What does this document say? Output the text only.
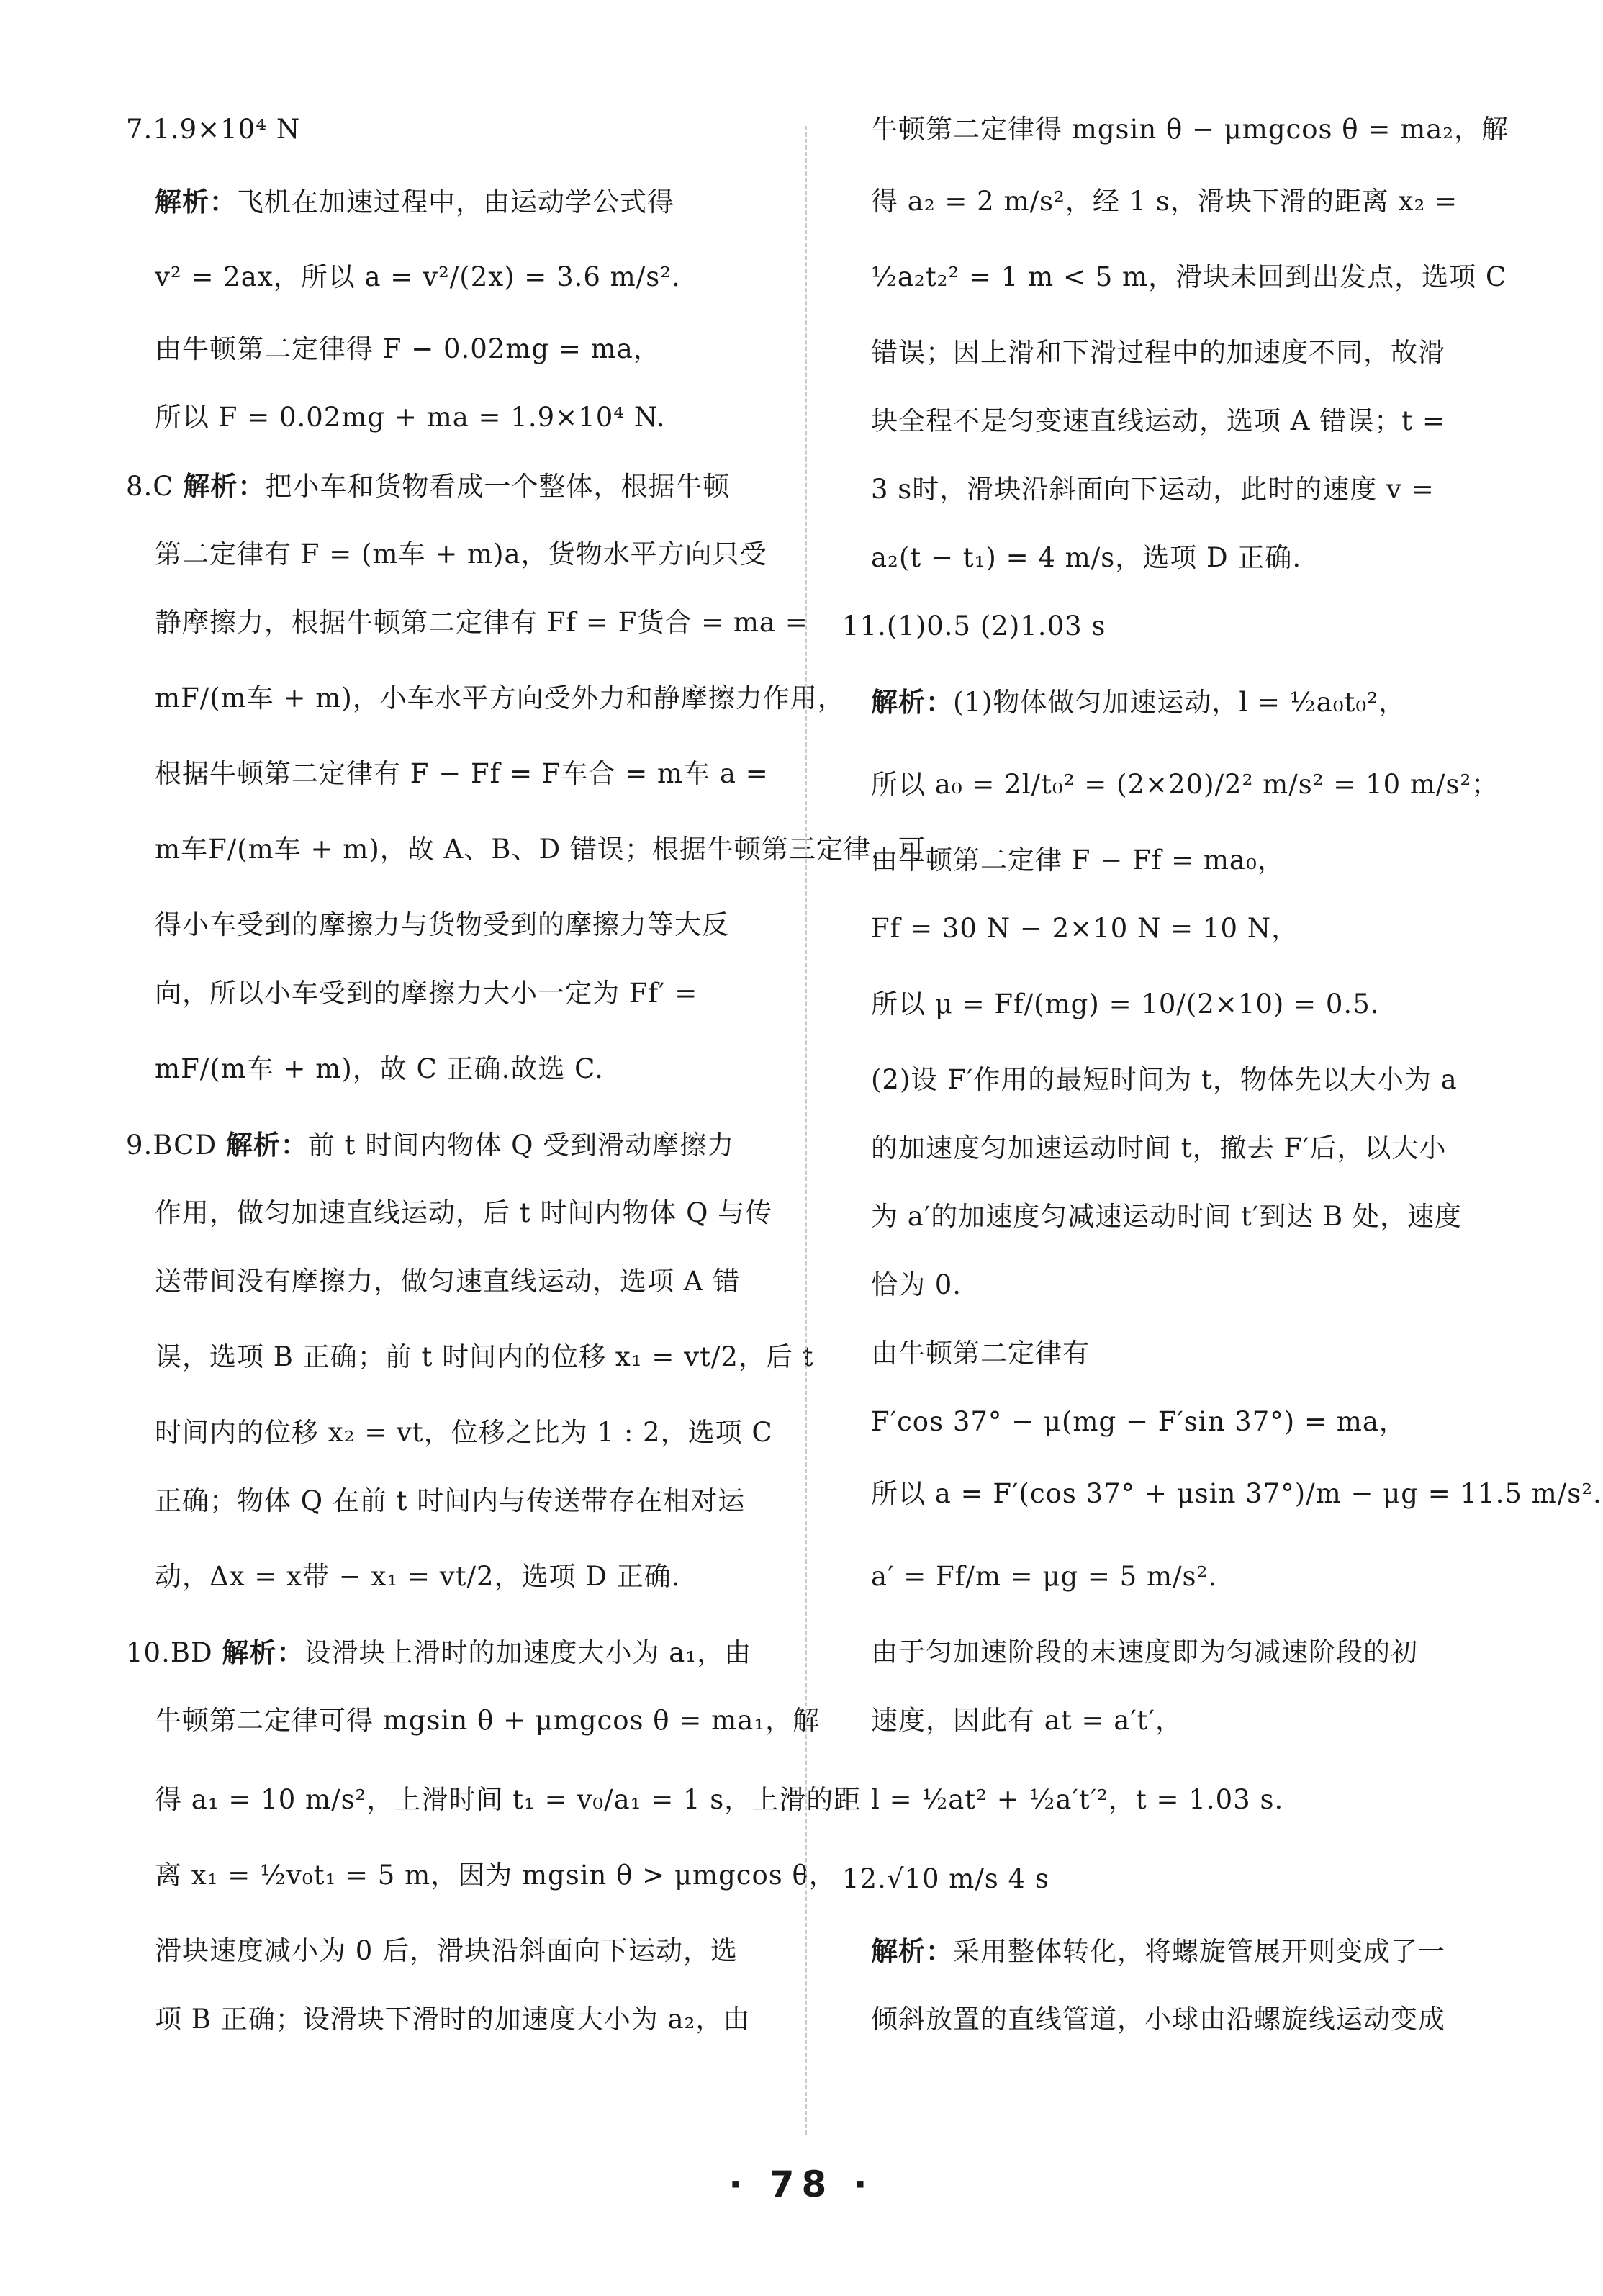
7.1.9×10⁴ N
解析：飞机在加速过程中，由运动学公式得
v² = 2ax，所以 a = v²/(2x) = 3.6 m/s².
由牛顿第二定律得 F − 0.02mg = ma，
所以 F = 0.02mg + ma = 1.9×10⁴ N.
8.C 解析：把小车和货物看成一个整体，根据牛顿
第二定律有 F = (m车 + m)a，货物水平方向只受
静摩擦力，根据牛顿第二定律有 Ff = F货合 = ma =
mF/(m车 + m)，小车水平方向受外力和静摩擦力作用，
根据牛顿第二定律有 F − Ff = F车合 = m车 a =
m车F/(m车 + m)，故 A、B、D 错误；根据牛顿第三定律，可
得小车受到的摩擦力与货物受到的摩擦力等大反
向，所以小车受到的摩擦力大小一定为 Ff′ =
mF/(m车 + m)，故 C 正确.故选 C.
9.BCD 解析：前 t 时间内物体 Q 受到滑动摩擦力
作用，做匀加速直线运动，后 t 时间内物体 Q 与传
送带间没有摩擦力，做匀速直线运动，选项 A 错
误，选项 B 正确；前 t 时间内的位移 x₁ = vt/2，后 t
时间内的位移 x₂ = vt，位移之比为 1 : 2，选项 C
正确；物体 Q 在前 t 时间内与传送带存在相对运
动，Δx = x带 − x₁ = vt/2，选项 D 正确.
10.BD 解析：设滑块上滑时的加速度大小为 a₁，由
牛顿第二定律可得 mgsin θ + μmgcos θ = ma₁，解
得 a₁ = 10 m/s²，上滑时间 t₁ = v₀/a₁ = 1 s，上滑的距
离 x₁ = ½v₀t₁ = 5 m，因为 mgsin θ > μmgcos θ，
滑块速度减小为 0 后，滑块沿斜面向下运动，选
项 B 正确；设滑块下滑时的加速度大小为 a₂，由
牛顿第二定律得 mgsin θ − μmgcos θ = ma₂，解
得 a₂ = 2 m/s²，经 1 s，滑块下滑的距离 x₂ =
½a₂t₂² = 1 m < 5 m，滑块未回到出发点，选项 C
错误；因上滑和下滑过程中的加速度不同，故滑
块全程不是匀变速直线运动，选项 A 错误；t =
3 s时，滑块沿斜面向下运动，此时的速度 v =
a₂(t − t₁) = 4 m/s，选项 D 正确.
11.(1)0.5 (2)1.03 s
解析：(1)物体做匀加速运动，l = ½a₀t₀²，
所以 a₀ = 2l/t₀² = (2×20)/2² m/s² = 10 m/s²；
由牛顿第二定律 F − Ff = ma₀，
Ff = 30 N − 2×10 N = 10 N，
所以 μ = Ff/(mg) = 10/(2×10) = 0.5.
(2)设 F′作用的最短时间为 t，物体先以大小为 a
的加速度匀加速运动时间 t，撤去 F′后，以大小
为 a′的加速度匀减速运动时间 t′到达 B 处，速度
恰为 0.
由牛顿第二定律有
F′cos 37° − μ(mg − F′sin 37°) = ma，
所以 a = F′(cos 37° + μsin 37°)/m − μg = 11.5 m/s².
a′ = Ff/m = μg = 5 m/s².
由于匀加速阶段的末速度即为匀减速阶段的初
速度，因此有 at = a′t′，
l = ½at² + ½a′t′²，t = 1.03 s.
12.√10 m/s 4 s
解析：采用整体转化，将螺旋管展开则变成了一
倾斜放置的直线管道，小球由沿螺旋线运动变成
· 78 ·
